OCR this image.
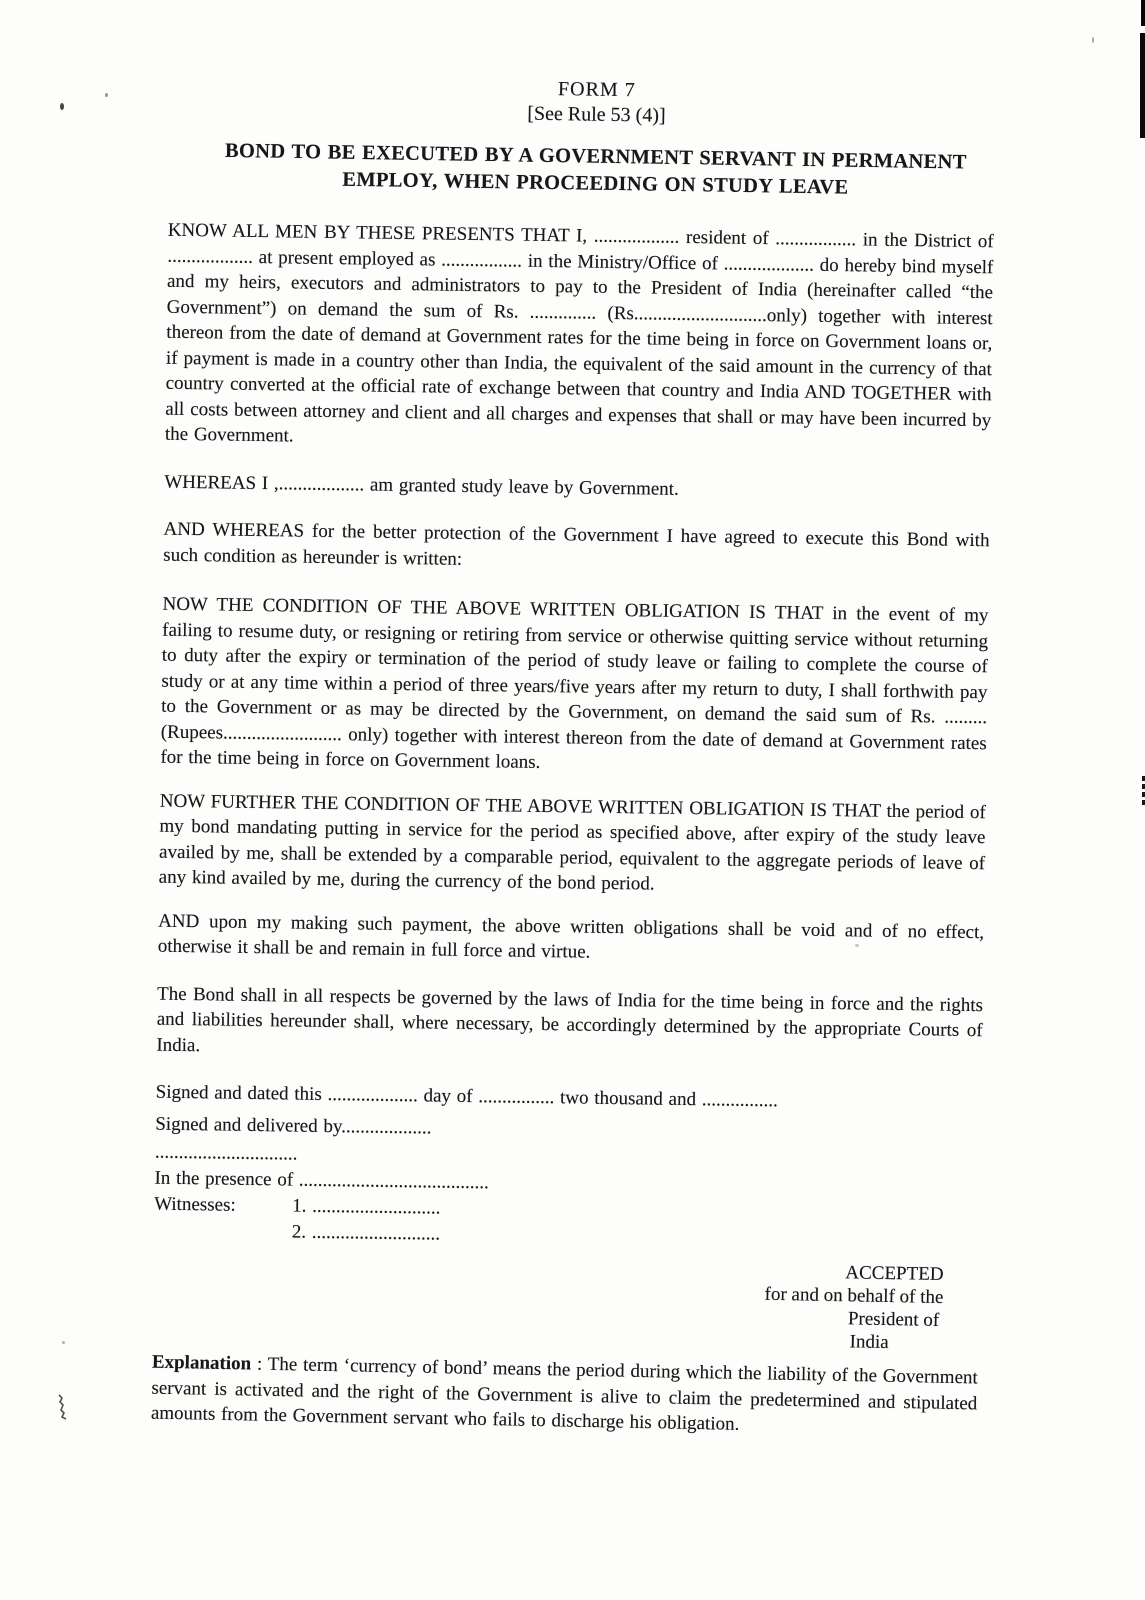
FORM 7
[See Rule 53 (4)]
BOND TO BE EXECUTED BY A GOVERNMENT SERVANT IN PERMANENT
EMPLOY, WHEN PROCEEDING ON STUDY LEAVE

KNOW ALL MEN BY THESE PRESENTS THAT I, .................. resident of ................. in the District of .................. at present employed as ................. in the Ministry/Office of ................... do hereby bind myself and my heirs, executors and administrators to pay to the President of India (hereinafter called “the Government”) on demand the sum of Rs. .............. (Rs............................only) together with interest thereon from the date of demand at Government rates for the time being in force on Government loans or, if payment is made in a country other than India, the equivalent of the said amount in the currency of that country converted at the official rate of exchange between that country and India AND TOGETHER with all costs between attorney and client and all charges and expenses that shall or may have been incurred by the Government.

WHEREAS I ,.................. am granted study leave by Government.

AND WHEREAS for the better protection of the Government I have agreed to execute this Bond with such condition as hereunder is written:

NOW THE CONDITION OF THE ABOVE WRITTEN OBLIGATION IS THAT in the event of my failing to resume duty, or resigning or retiring from service or otherwise quitting service without returning to duty after the expiry or termination of the period of study leave or failing to complete the course of study or at any time within a period of three years/five years after my return to duty, I shall forthwith pay to the Government or as may be directed by the Government, on demand the said sum of Rs. .........(Rupees......................... only) together with interest thereon from the date of demand at Government rates for the time being in force on Government loans.

NOW FURTHER THE CONDITION OF THE ABOVE WRITTEN OBLIGATION IS THAT the period of my bond mandating putting in service for the period as specified above, after expiry of the study leave availed by me, shall be extended by a comparable period, equivalent to the aggregate periods of leave of any kind availed by me, during the currency of the bond period.

AND upon my making such payment, the above written obligations shall be void and of no effect, otherwise it shall be and remain in full force and virtue.

The Bond shall in all respects be governed by the laws of India for the time being in force and the rights and liabilities hereunder shall, where necessary, be accordingly determined by the appropriate Courts of India.

Signed and dated this ................... day of ................ two thousand and ................

Signed and delivered by...................

..............................

In the presence of ........................................

Witnesses:	1. ...........................
2. ...........................
ACCEPTED
for and on behalf of the
President of
India

Explanation : The term ‘currency of bond’ means the period during which the liability of the Government servant is activated and the right of the Government is alive to claim the predetermined and stipulated amounts from the Government servant who fails to discharge his obligation.
